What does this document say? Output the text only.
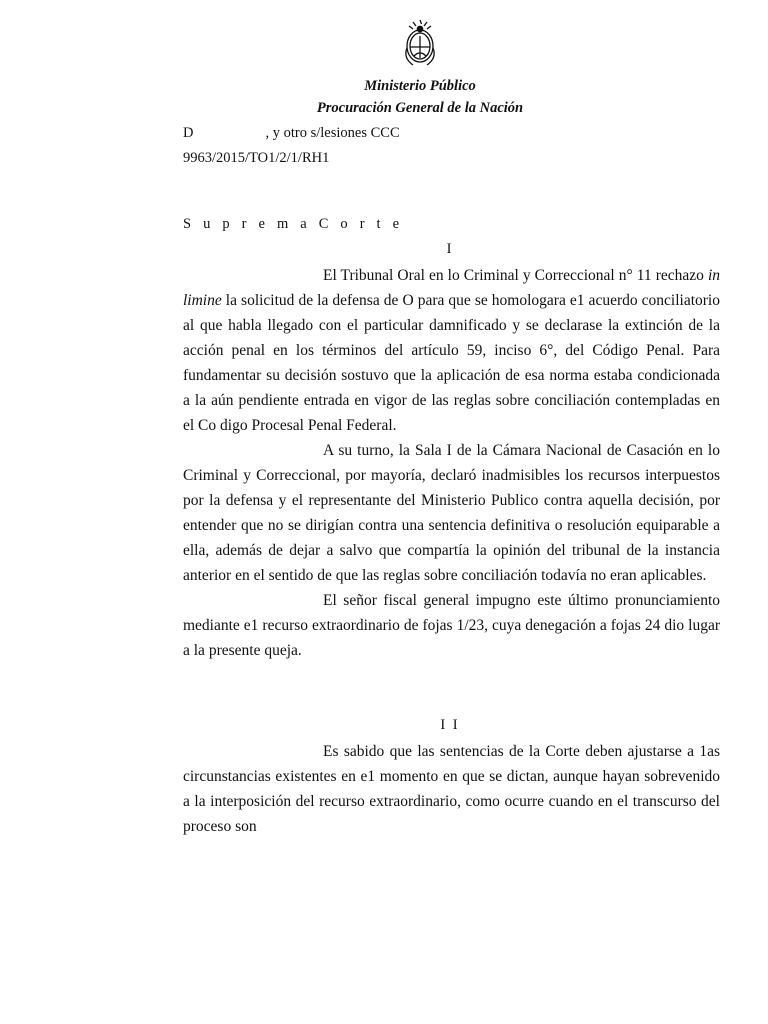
Ministerio Público
Procuración General de la Nación
D	, y otro s/lesiones CCC
9963/2015/TO1/2/1/RH1
S u p r e m a C o r t e
I

El Tribunal Oral en lo Criminal y Correccional n° 11 rechazo in limine la solicitud de la defensa de O para que se homologara e1 acuerdo conciliatorio al que habla llegado con el particular damnificado y se declarase la extinción de la acción penal en los términos del artículo 59, inciso 6°, del Código Penal. Para fundamentar su decisión sostuvo que la aplicación de esa norma estaba condicionada a la aún pendiente entrada en vigor de las reglas sobre conciliación contempladas en el Co digo Procesal Penal Federal.

A su turno, la Sala I de la Cámara Nacional de Casación en lo Criminal y Correccional, por mayoría, declaró inadmisibles los recursos interpuestos por la defensa y el representante del Ministerio Publico contra aquella decisión, por entender que no se dirigían contra una sentencia definitiva o resolución equiparable a ella, además de dejar a salvo que compartía la opinión del tribunal de la instancia anterior en el sentido de que las reglas sobre conciliación todavía no eran aplicables.

El señor fiscal general impugno este último pronunciamiento mediante e1 recurso extraordinario de fojas 1/23, cuya denegación a fojas 24 dio lugar a la presente queja.

I I

Es sabido que las sentencias de la Corte deben ajustarse a 1as circunstancias existentes en e1 momento en que se dictan, aunque hayan sobrevenido a la interposición del recurso extraordinario, como ocurre cuando en el transcurso del proceso son
